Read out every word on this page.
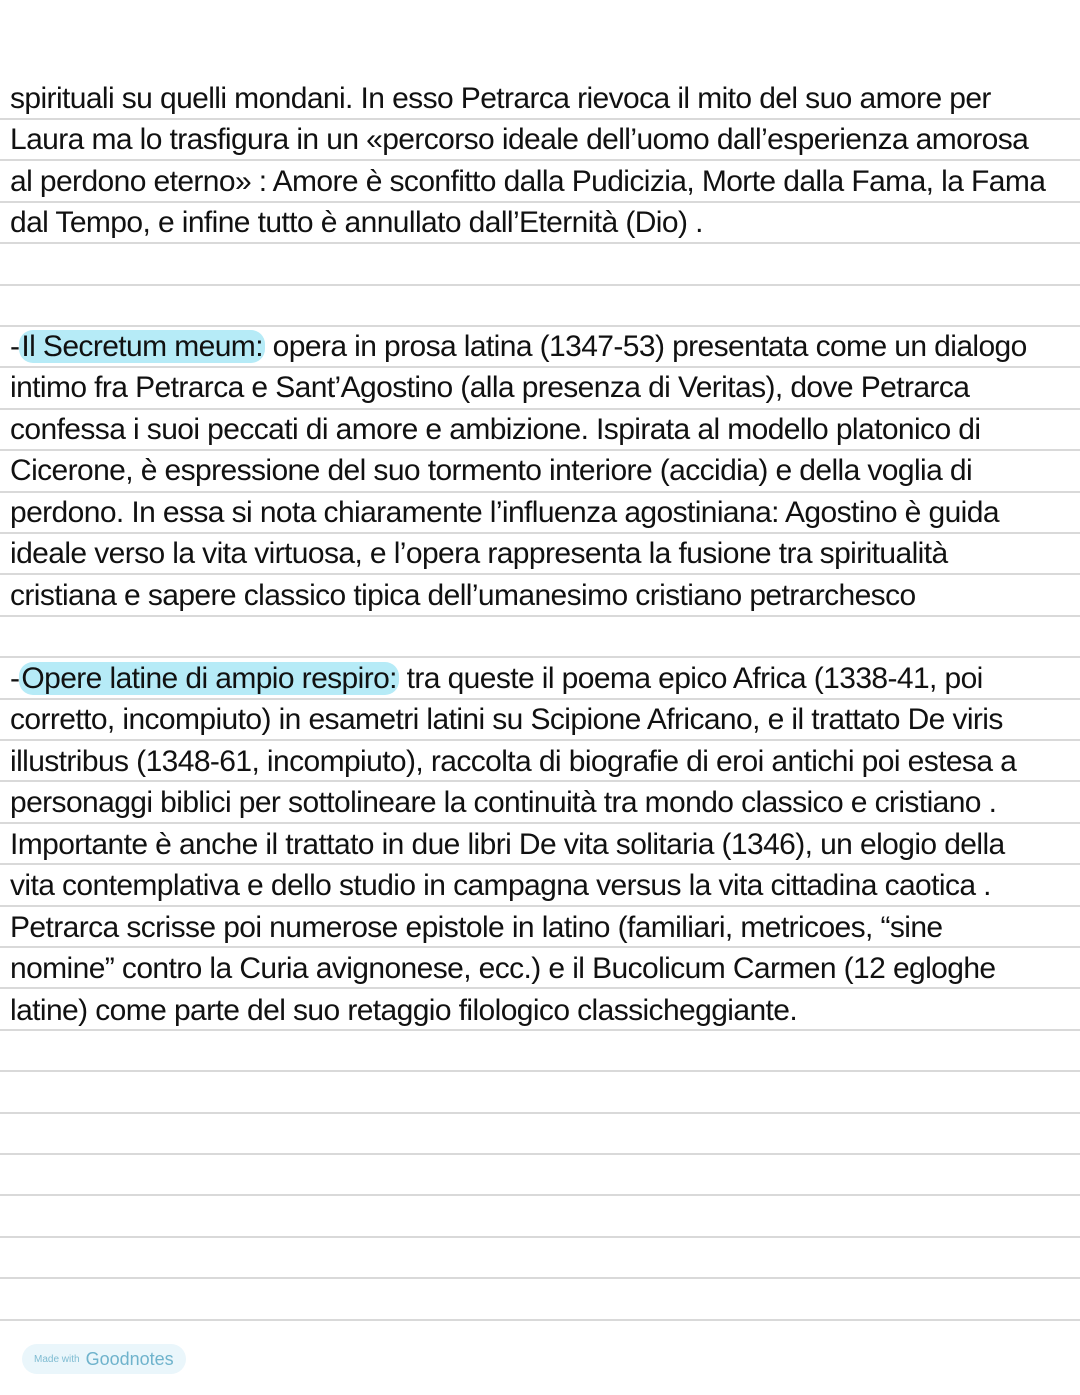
spirituali su quelli mondani. In esso Petrarca rievoca il mito del suo amore per
Laura ma lo trasfigura in un «percorso ideale dell’uomo dall’esperienza amorosa
al perdono eterno» : Amore è sconfitto dalla Pudicizia, Morte dalla Fama, la Fama
dal Tempo, e infine tutto è annullato dall’Eternità (Dio) .
-Il Secretum meum: opera in prosa latina (1347-53) presentata come un dialogo
intimo fra Petrarca e Sant’Agostino (alla presenza di Veritas), dove Petrarca
confessa i suoi peccati di amore e ambizione. Ispirata al modello platonico di
Cicerone, è espressione del suo tormento interiore (accidia) e della voglia di
perdono. In essa si nota chiaramente l’influenza agostiniana: Agostino è guida
ideale verso la vita virtuosa, e l’opera rappresenta la fusione tra spiritualità
cristiana e sapere classico tipica dell’umanesimo cristiano petrarchesco
-Opere latine di ampio respiro: tra queste il poema epico Africa (1338-41, poi
corretto, incompiuto) in esametri latini su Scipione Africano, e il trattato De viris
illustribus (1348-61, incompiuto), raccolta di biografie di eroi antichi poi estesa a
personaggi biblici per sottolineare la continuità tra mondo classico e cristiano .
Importante è anche il trattato in due libri De vita solitaria (1346), un elogio della
vita contemplativa e dello studio in campagna versus la vita cittadina caotica .
Petrarca scrisse poi numerose epistole in latino (familiari, metricoes, “sine
nomine” contro la Curia avignonese, ecc.) e il Bucolicum Carmen (12 egloghe
latine) come parte del suo retaggio filologico classicheggiante.
Made with Goodnotes
